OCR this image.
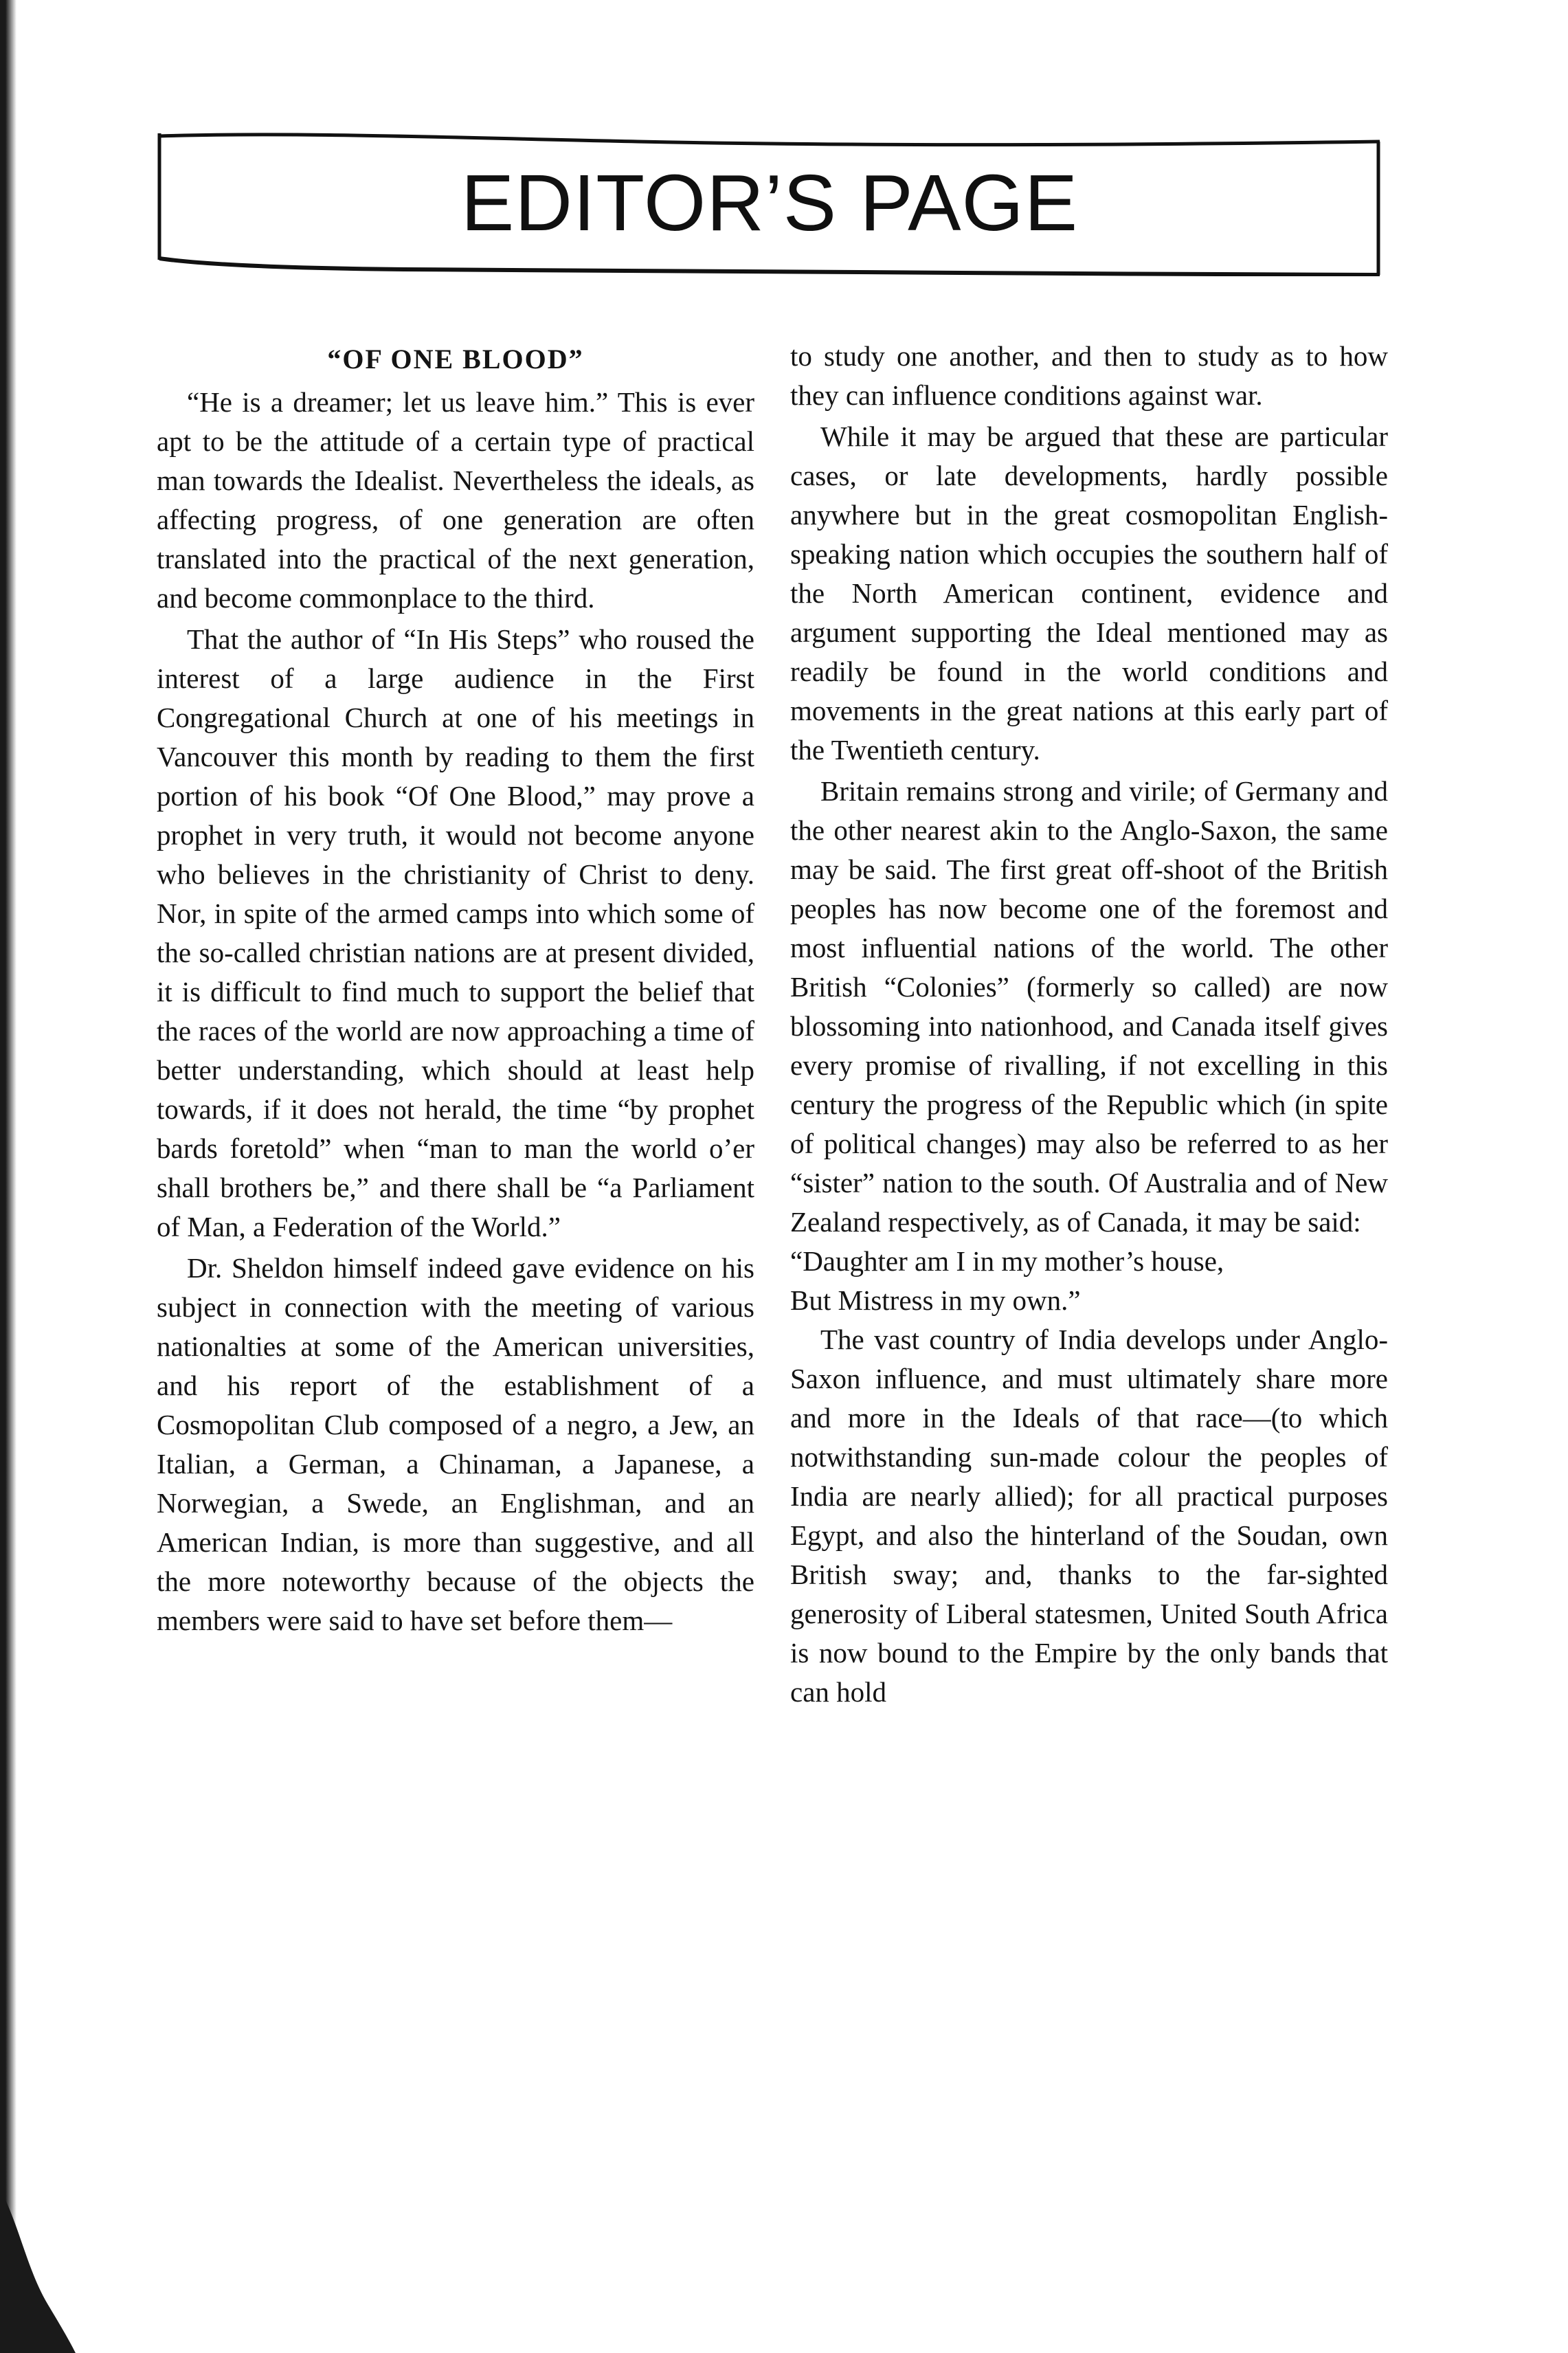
EDITOR’S PAGE
“OF ONE BLOOD”

“He is a dreamer; let us leave him.” This is ever apt to be the attitude of a certain type of practical man towards the Idealist. Nevertheless the ideals, as affecting progress, of one generation are often translated into the practical of the next generation, and become commonplace to the third.

That the author of “In His Steps” who roused the interest of a large audience in the First Congregational Church at one of his meetings in Vancouver this month by reading to them the first portion of his book “Of One Blood,” may prove a prophet in very truth, it would not become anyone who believes in the christianity of Christ to deny. Nor, in spite of the armed camps into which some of the so-called christian nations are at present divided, it is difficult to find much to support the belief that the races of the world are now approaching a time of better understanding, which should at least help towards, if it does not herald, the time “by prophet bards foretold” when “man to man the world o’er shall brothers be,” and there shall be “a Parliament of Man, a Federation of the World.”

Dr. Sheldon himself indeed gave evidence on his subject in connection with the meeting of various nationalties at some of the American universities, and his report of the establishment of a Cosmopolitan Club composed of a negro, a Jew, an Italian, a German, a Chinaman, a Japanese, a Norwegian, a Swede, an Englishman, and an American Indian, is more than suggestive, and all the more noteworthy because of the objects the members were said to have set before them—

to study one another, and then to study as to how they can influence conditions against war.

While it may be argued that these are particular cases, or late developments, hardly possible anywhere but in the great cosmopolitan English-speaking nation which occupies the southern half of the North American continent, evidence and argument supporting the Ideal mentioned may as readily be found in the world conditions and movements in the great nations at this early part of the Twentieth century.

Britain remains strong and virile; of Germany and the other nearest akin to the Anglo-Saxon, the same may be said. The first great off-shoot of the British peoples has now become one of the foremost and most influential nations of the world. The other British “Colonies” (formerly so called) are now blossoming into nationhood, and Canada itself gives every promise of rivalling, if not excelling in this century the progress of the Republic which (in spite of political changes) may also be referred to as her “sister” nation to the south. Of Australia and of New Zealand respectively, as of Canada, it may be said:

“Daughter am I in my mother’s house,

But Mistress in my own.”

The vast country of India develops under Anglo-Saxon influence, and must ultimately share more and more in the Ideals of that race—(to which notwithstanding sun-made colour the peoples of India are nearly allied); for all practical purposes Egypt, and also the hinterland of the Soudan, own British sway; and, thanks to the far-sighted generosity of Liberal statesmen, United South Africa is now bound to the Empire by the only bands that can hold
